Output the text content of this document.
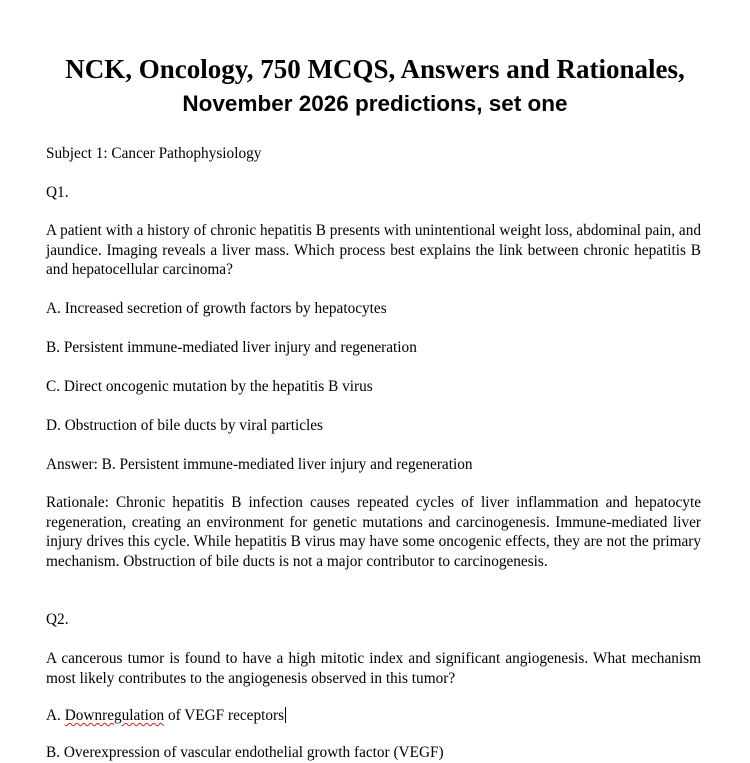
NCK, Oncology, 750 MCQS, Answers and Rationales,
November 2026 predictions, set one

Subject 1: Cancer Pathophysiology

Q1.

A patient with a history of chronic hepatitis B presents with unintentional weight loss, abdominal pain, and jaundice. Imaging reveals a liver mass. Which process best explains the link between chronic hepatitis B and hepatocellular carcinoma?

A. Increased secretion of growth factors by hepatocytes

B. Persistent immune-mediated liver injury and regeneration

C. Direct oncogenic mutation by the hepatitis B virus

D. Obstruction of bile ducts by viral particles

Answer: B. Persistent immune-mediated liver injury and regeneration

Rationale: Chronic hepatitis B infection causes repeated cycles of liver inflammation and hepatocyte regeneration, creating an environment for genetic mutations and carcinogenesis. Immune-mediated liver injury drives this cycle. While hepatitis B virus may have some oncogenic effects, they are not the primary mechanism. Obstruction of bile ducts is not a major contributor to carcinogenesis.

Q2.

A cancerous tumor is found to have a high mitotic index and significant angiogenesis. What mechanism most likely contributes to the angiogenesis observed in this tumor?

A. Downregulation of VEGF receptors

B. Overexpression of vascular endothelial growth factor (VEGF)
